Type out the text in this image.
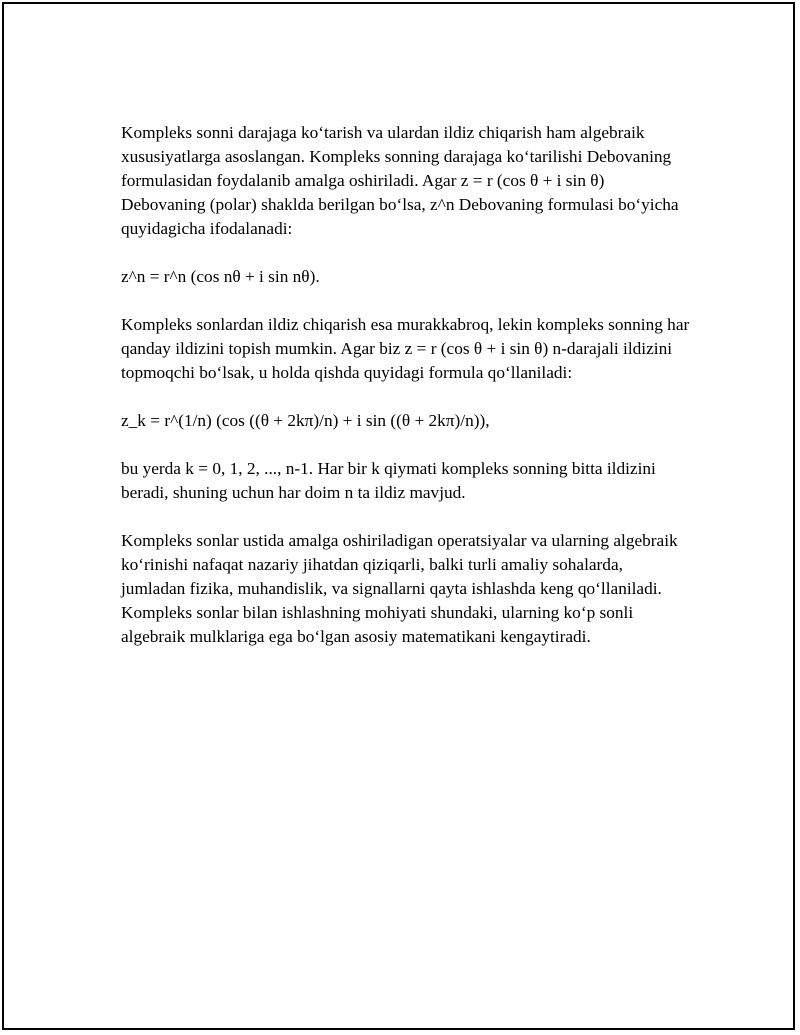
Kompleks sonni darajaga ko‘tarish va ulardan ildiz chiqarish ham algebraik xususiyatlarga asoslangan. Kompleks sonning darajaga ko‘tarilishi Debovaning formulasidan foydalanib amalga oshiriladi. Agar z = r (cos θ + i sin θ) Debovaning (polar) shaklda berilgan bo‘lsa, z^n Debovaning formulasi bo‘yicha quyidagicha ifodalanadi:

z^n = r^n (cos nθ + i sin nθ).

Kompleks sonlardan ildiz chiqarish esa murakkabroq, lekin kompleks sonning har qanday ildizini topish mumkin. Agar biz z = r (cos θ + i sin θ) n-darajali ildizini topmoqchi bo‘lsak, u holda qishda quyidagi formula qo‘llaniladi:

z_k = r^(1/n) (cos ((θ + 2kπ)/n) + i sin ((θ + 2kπ)/n)),

bu yerda k = 0, 1, 2, ..., n-1. Har bir k qiymati kompleks sonning bitta ildizini beradi, shuning uchun har doim n ta ildiz mavjud.

Kompleks sonlar ustida amalga oshiriladigan operatsiyalar va ularning algebraik ko‘rinishi nafaqat nazariy jihatdan qiziqarli, balki turli amaliy sohalarda, jumladan fizika, muhandislik, va signallarni qayta ishlashda keng qo‘llaniladi. Kompleks sonlar bilan ishlashning mohiyati shundaki, ularning ko‘p sonli algebraik mulklariga ega bo‘lgan asosiy matematikani kengaytiradi.
